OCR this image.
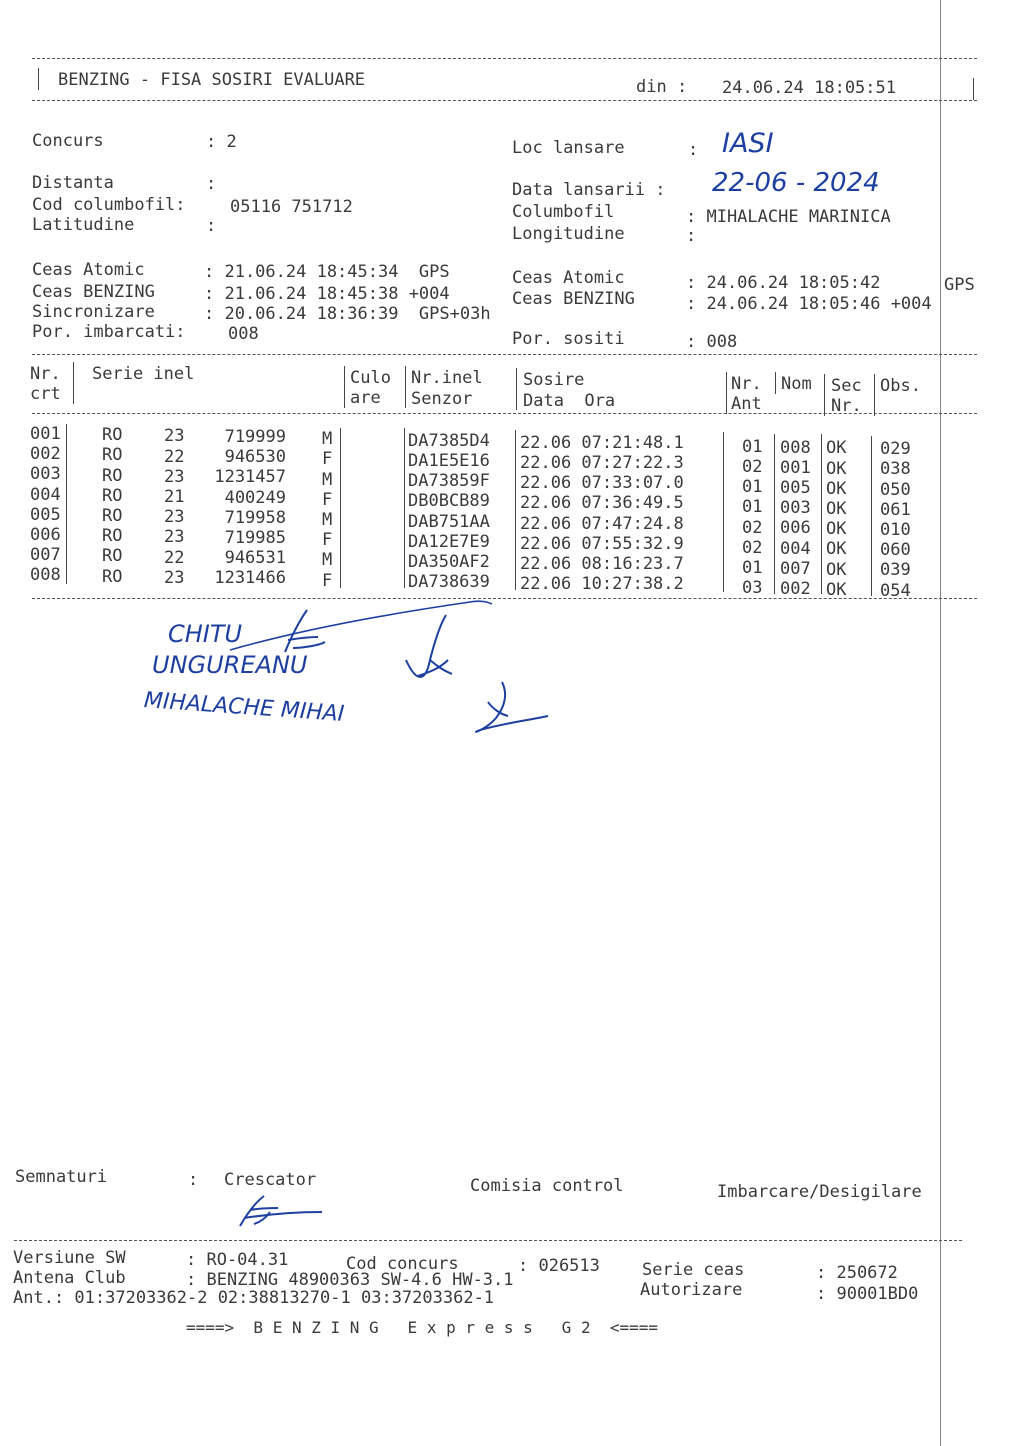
BENZING - FISA SOSIRI EVALUARE	din : 24.06.24 18:05:51
Concurs	: 2
Distanta	:
Cod columbofil:	05116 751712
Latitudine	:
Loc lansare	: IASI
Data lansarii : 22-06 - 2024
Columbofil	: MIHALACHE MARINICA
Longitudine	:
Ceas Atomic	: 21.06.24 18:45:34  GPS
Ceas BENZING	: 21.06.24 18:45:38 +004
Sincronizare	: 20.06.24 18:36:39  GPS+03h
Por. imbarcati: 008
Ceas Atomic	: 24.06.24 18:05:42	GPS
Ceas BENZING	: 24.06.24 18:05:46 +004
Por. sositi	: 008
Nr.
crt
Serie inel	Culo
are
Nr.inel
Senzor
Sosire
Data  Ora
Nr.
Ant
Nom Sec
Nr.
Obs.
001 RO 23 719999 M	DA7385D4 22.06 07:21:48.1	01 008 OK 029
002 RO 22 946530 F	DA1E5E16 22.06 07:27:22.3	02 001 OK 038
003 RO 23 1231457 M	DA73859F 22.06 07:33:07.0	01 005 OK 050
004 RO 21 400249 F	DB0BCB89 22.06 07:36:49.5	01 003 OK 061
005 RO 23 719958 M	DAB751AA 22.06 07:47:24.8	02 006 OK 010
006 RO 23 719985 F	DA12E7E9 22.06 07:55:32.9	02 004 OK 060
007 RO 22 946531 M	DA350AF2 22.06 08:16:23.7	01 007 OK 039
008 RO 23 1231466 F	DA738639 22.06 10:27:38.2	03 002 OK 054
CHITU
UNGUREANU
MIHALACHE MIHAI
Semnaturi	: Crescator	Comisia control	Imbarcare/Desigilare
Versiune SW	: RO-04.31	Cod concurs	: 026513 Serie ceas	: 250672
Antena Club	: BENZING 48900363 SW-4.6 HW-3.1	Autorizare	: 90001BD0
Ant.: 01:37203362-2 02:38813270-1 03:37203362-1
====>  B E N Z I N G   E x p r e s s   G 2  <====
